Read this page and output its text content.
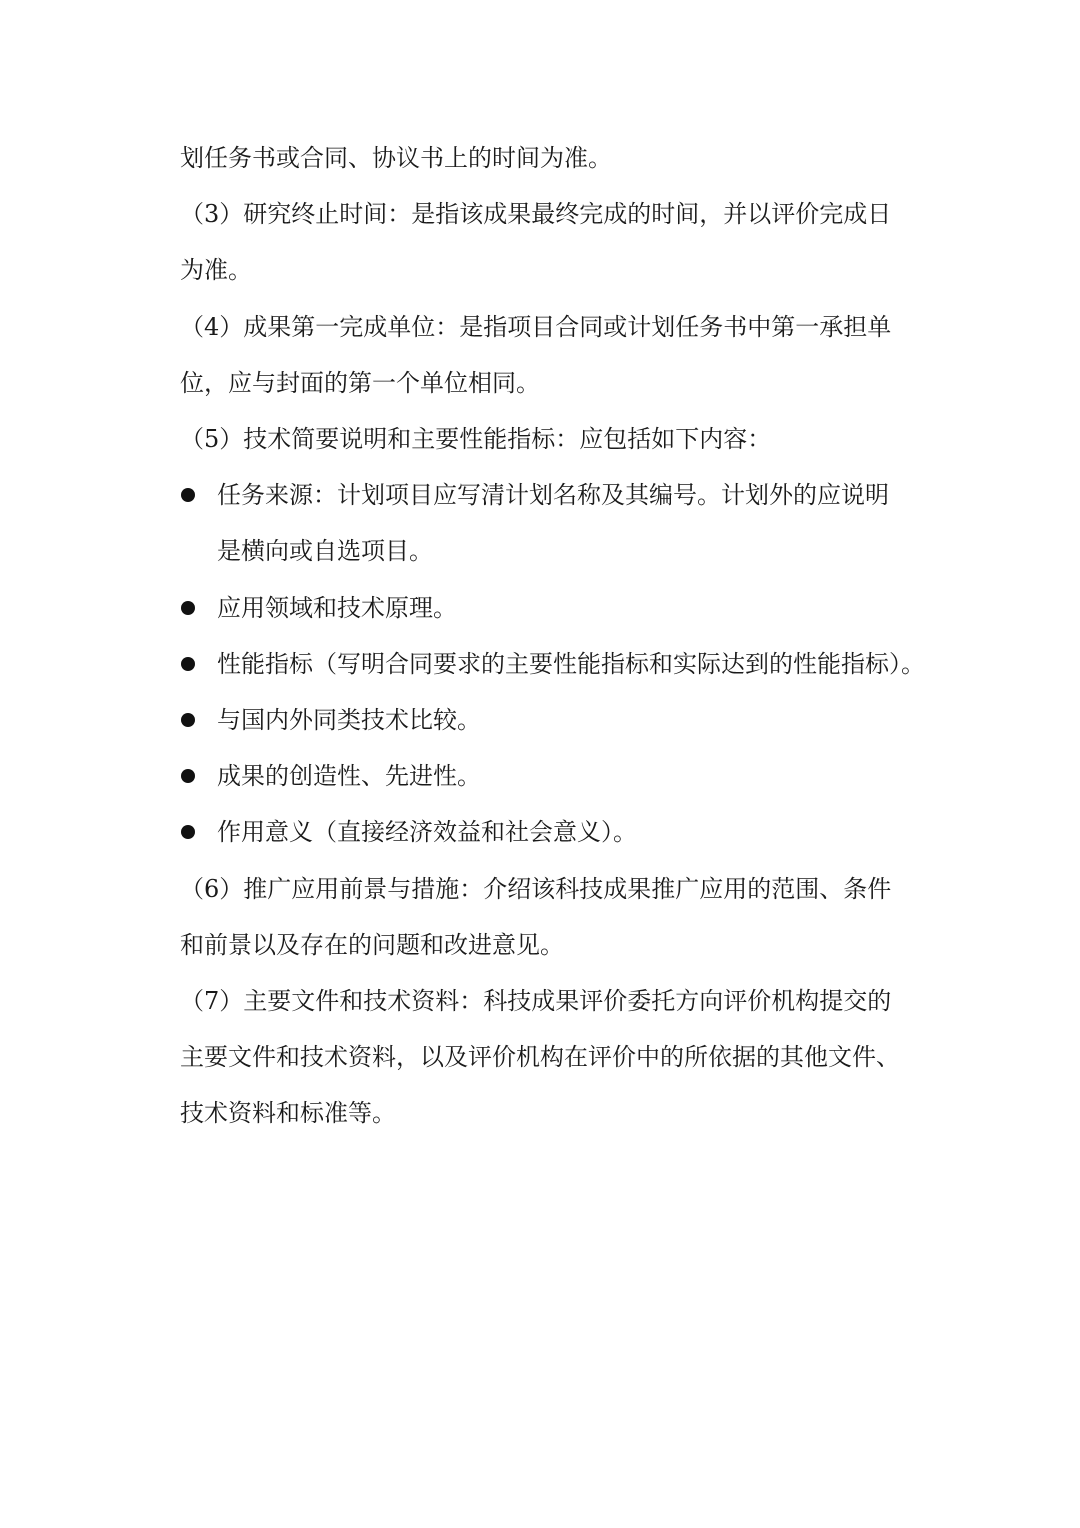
划任务书或合同、协议书上的时间为准。
（3）研究终止时间：是指该成果最终完成的时间，并以评价完成日
为准。
（4）成果第一完成单位：是指项目合同或计划任务书中第一承担单
位，应与封面的第一个单位相同。
（5）技术简要说明和主要性能指标：应包括如下内容：
任务来源：计划项目应写清计划名称及其编号。计划外的应说明
是横向或自选项目。
应用领域和技术原理。
性能指标（写明合同要求的主要性能指标和实际达到的性能指标）。
与国内外同类技术比较。
成果的创造性、先进性。
作用意义（直接经济效益和社会意义）。
（6）推广应用前景与措施：介绍该科技成果推广应用的范围、条件
和前景以及存在的问题和改进意见。
（7）主要文件和技术资料：科技成果评价委托方向评价机构提交的
主要文件和技术资料，以及评价机构在评价中的所依据的其他文件、
技术资料和标准等。
